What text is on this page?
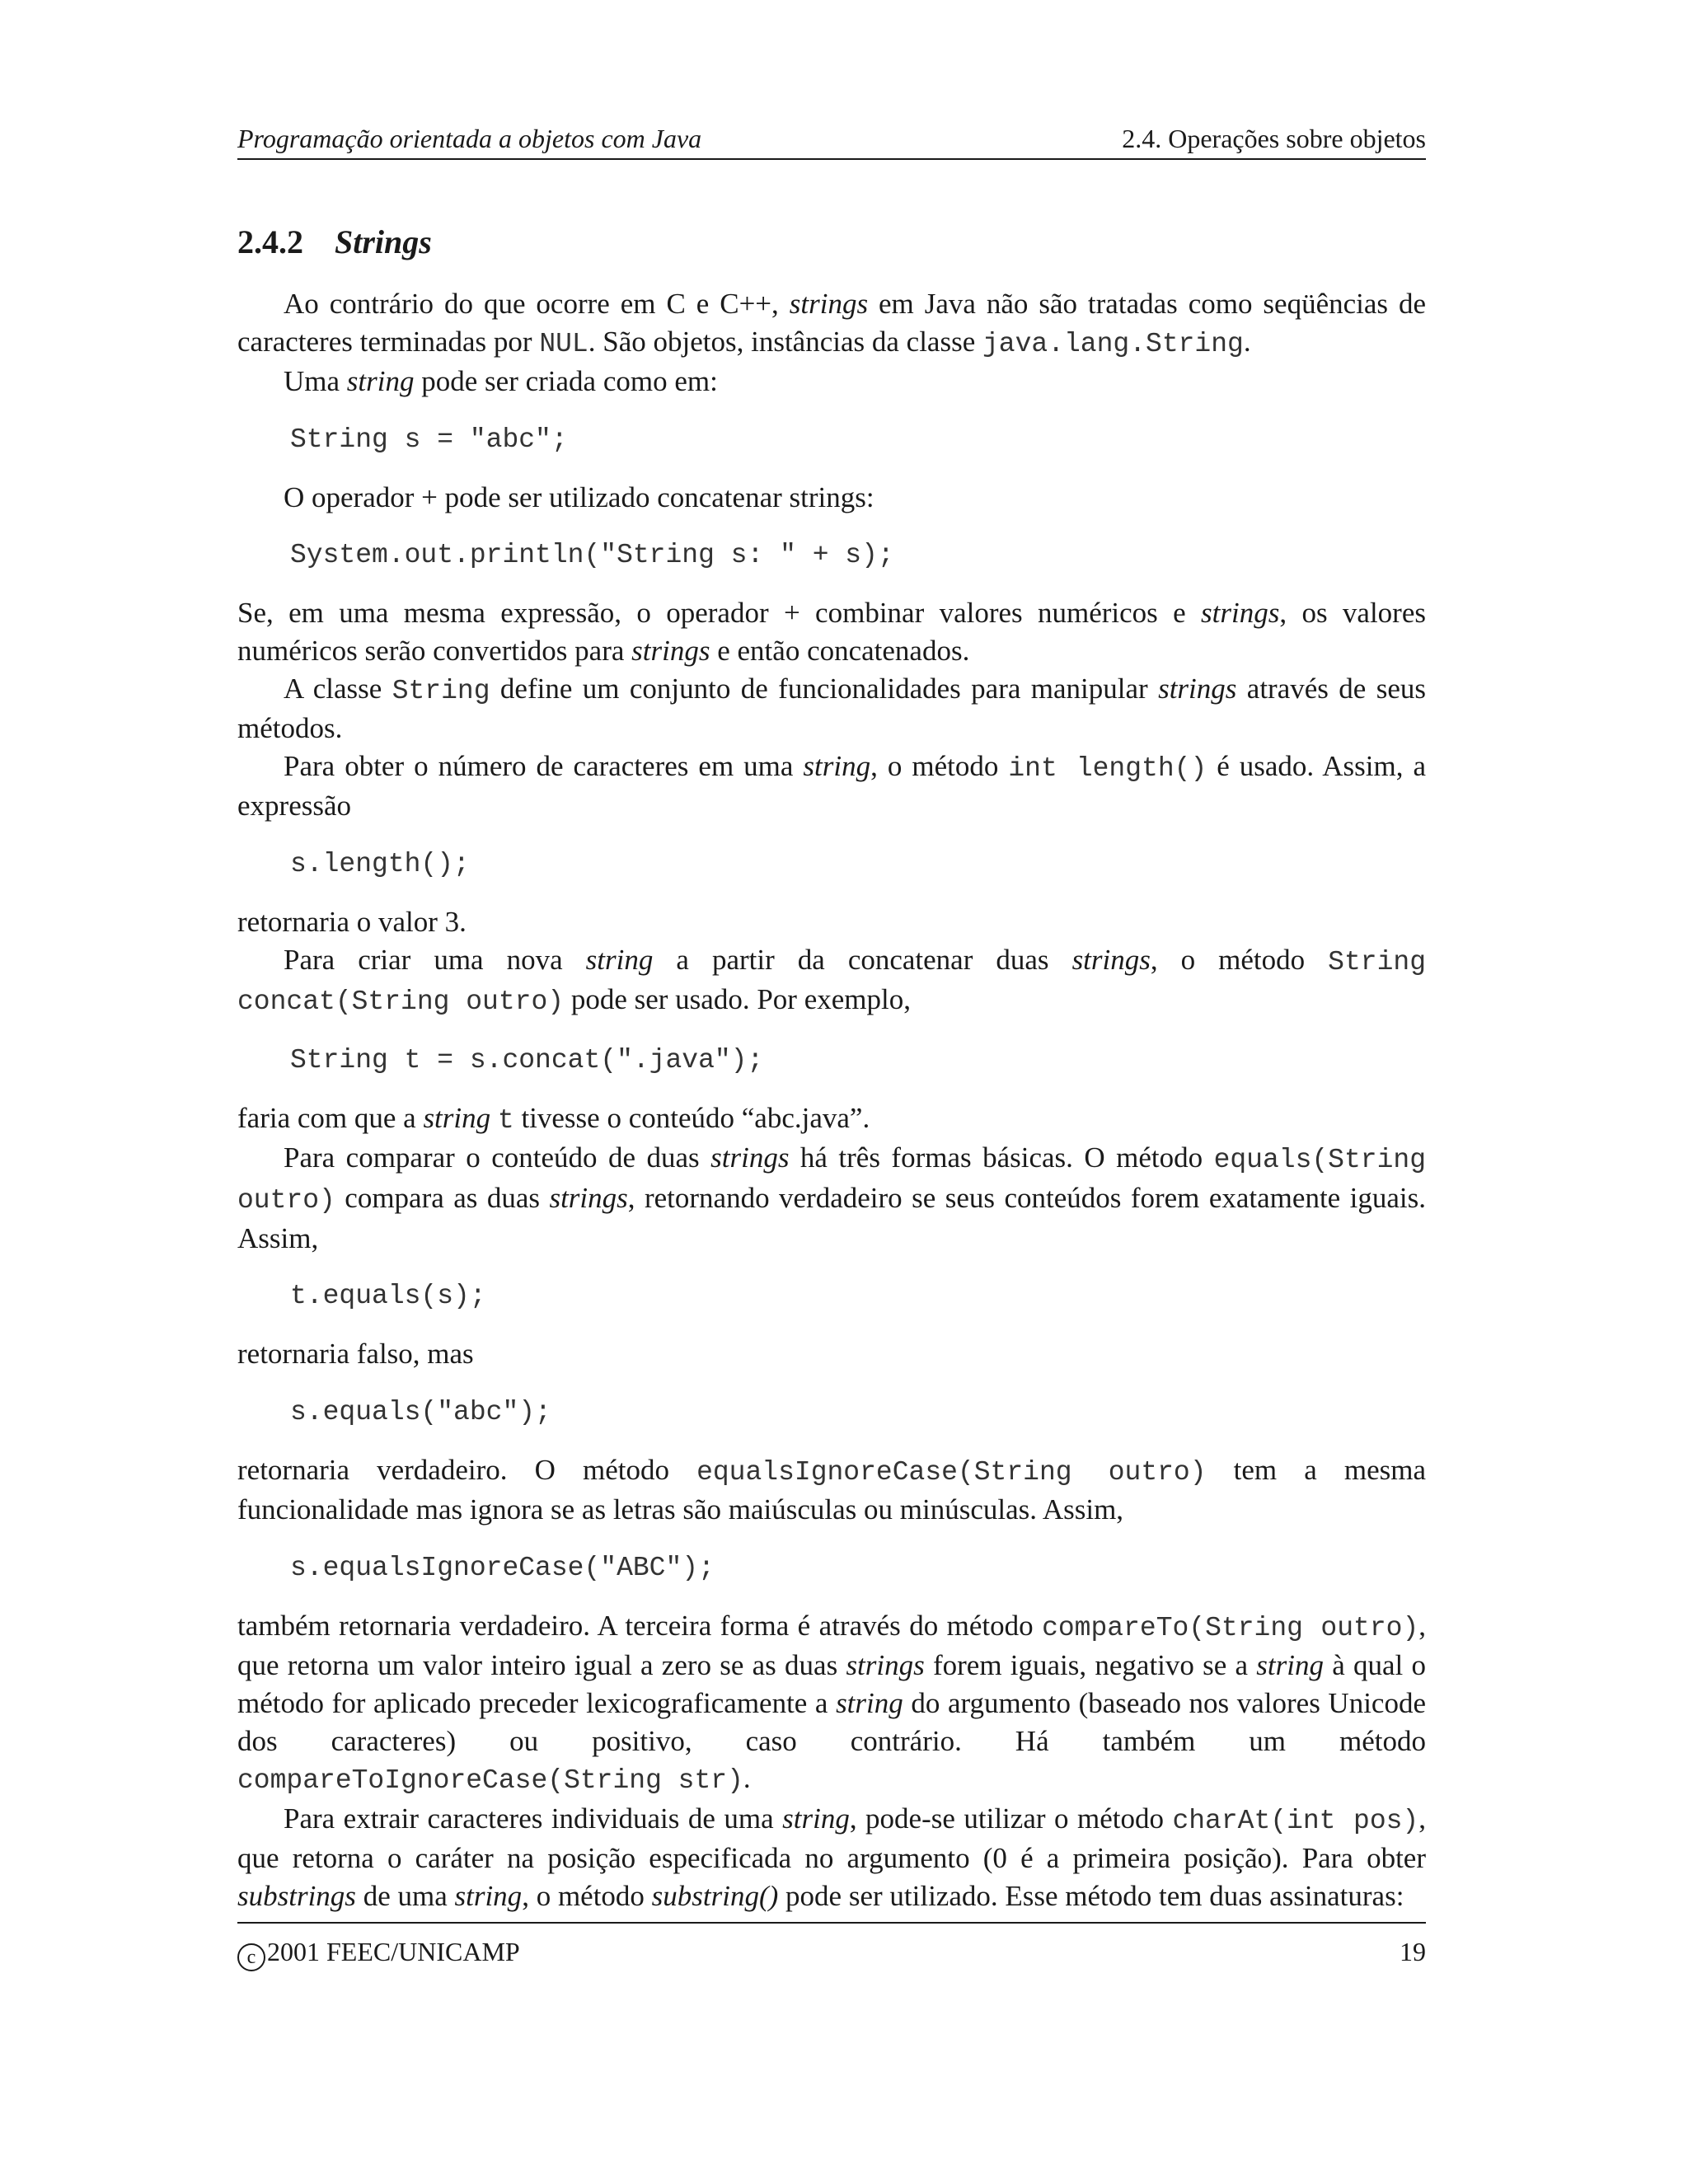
Programação orientada a objetos com Java	2.4. Operações sobre objetos
2.4.2 Strings

Ao contrário do que ocorre em C e C++, strings em Java não são tratadas como seqüências de caracteres terminadas por NUL. São objetos, instâncias da classe java.lang.String.

Uma string pode ser criada como em:

String s = "abc";

O operador + pode ser utilizado concatenar strings:

System.out.println("String s: " + s);

Se, em uma mesma expressão, o operador + combinar valores numéricos e strings, os valores numéricos serão convertidos para strings e então concatenados.

A classe String define um conjunto de funcionalidades para manipular strings através de seus métodos.

Para obter o número de caracteres em uma string, o método int length() é usado. Assim, a expressão

s.length();

retornaria o valor 3.

Para criar uma nova string a partir da concatenar duas strings, o método String concat(String outro) pode ser usado. Por exemplo,

String t = s.concat(".java");

faria com que a string t tivesse o conteúdo “abc.java”.

Para comparar o conteúdo de duas strings há três formas básicas. O método equals(String outro) compara as duas strings, retornando verdadeiro se seus conteúdos forem exatamente iguais. Assim,

t.equals(s);

retornaria falso, mas

s.equals("abc");

retornaria verdadeiro. O método equalsIgnoreCase(String outro) tem a mesma funcionalidade mas ignora se as letras são maiúsculas ou minúsculas. Assim,

s.equalsIgnoreCase("ABC");

também retornaria verdadeiro. A terceira forma é através do método compareTo(String outro), que retorna um valor inteiro igual a zero se as duas strings forem iguais, negativo se a string à qual o método for aplicado preceder lexicograficamente a string do argumento (baseado nos valores Unicode dos caracteres) ou positivo, caso contrário. Há também um método compareToIgnoreCase(String str).

Para extrair caracteres individuais de uma string, pode-se utilizar o método charAt(int pos), que retorna o caráter na posição especificada no argumento (0 é a primeira posição). Para obter substrings de uma string, o método substring() pode ser utilizado. Esse método tem duas assinaturas:

c 2001 FEEC/UNICAMP	19
